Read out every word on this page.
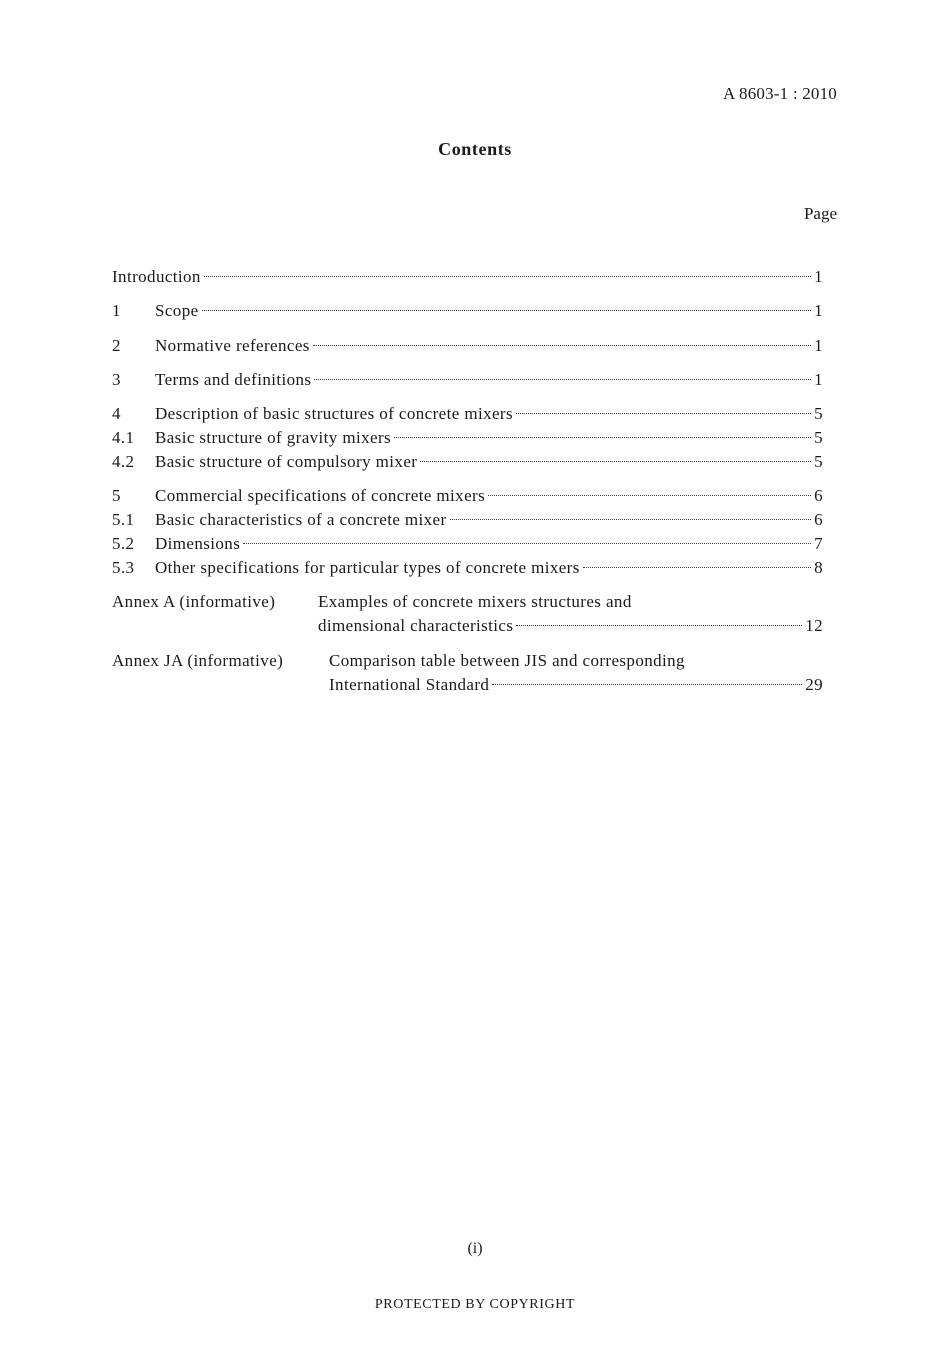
A 8603-1 : 2010
Contents
Page
Introduction	1
1	Scope	1
2	Normative references	1
3	Terms and definitions	1
4	Description of basic structures of concrete mixers	5
4.1	Basic structure of gravity mixers	5
4.2	Basic structure of compulsory mixer	5
5	Commercial specifications of concrete mixers	6
5.1	Basic characteristics of a concrete mixer	6
5.2	Dimensions	7
5.3	Other specifications for particular types of concrete mixers	8
Annex A (informative)	Examples of concrete mixers structures and
dimensional characteristics	12
Annex JA (informative)	Comparison table between JIS and corresponding
International Standard	29
(i)
PROTECTED BY COPYRIGHT
